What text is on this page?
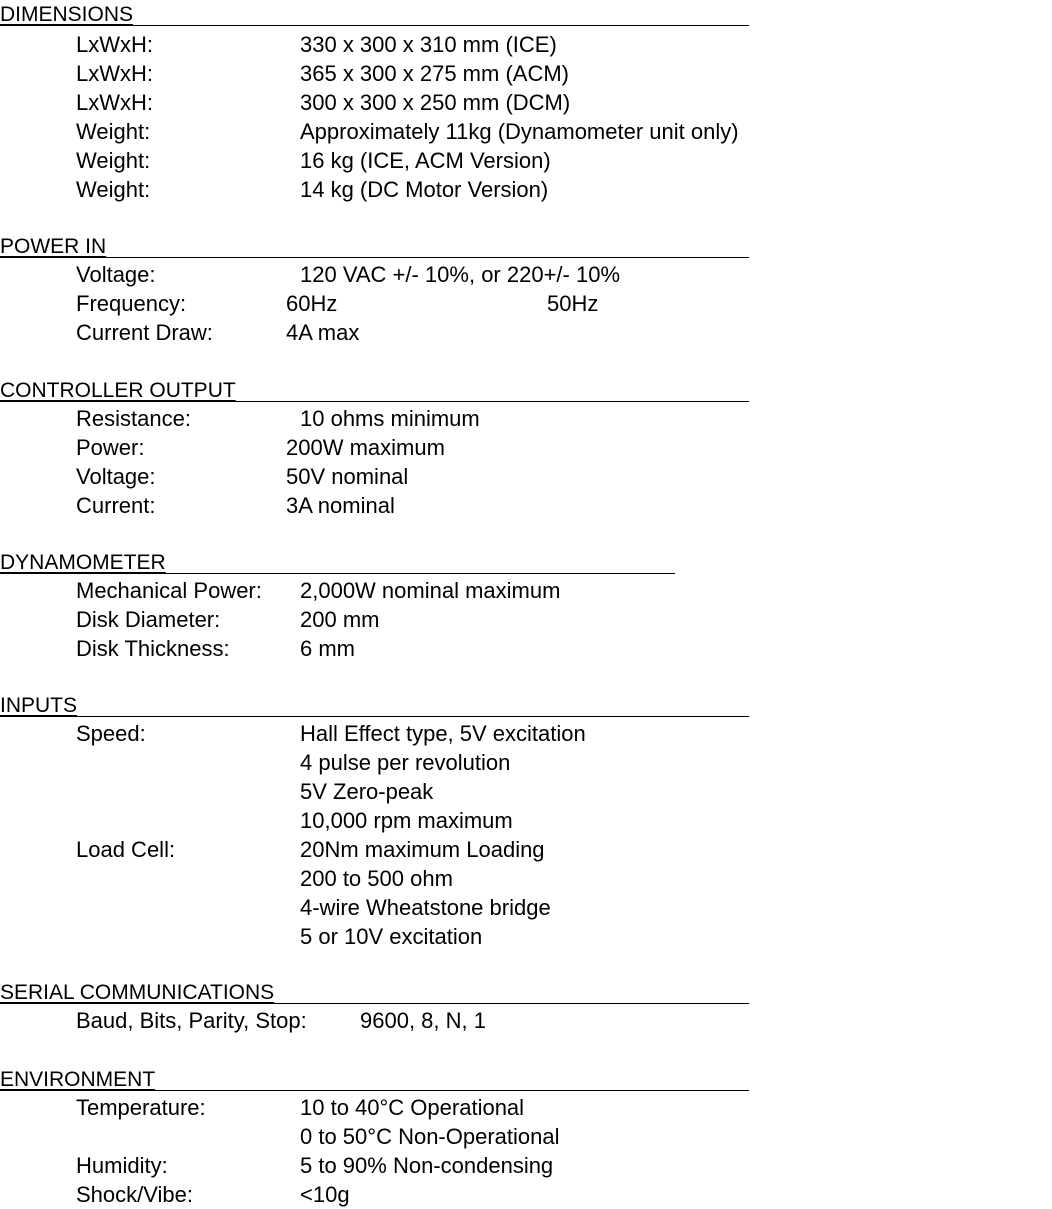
DIMENSIONS
LxWxH:	330 x 300 x 310 mm (ICE)
LxWxH:	365 x 300 x 275 mm (ACM)
LxWxH:	300 x 300 x 250 mm (DCM)
Weight:	Approximately 11kg (Dynamometer unit only)
Weight:	16 kg (ICE, ACM Version)
Weight:	14 kg (DC Motor Version)
POWER IN
Voltage:	120 VAC +/- 10%, or 220+/- 10%
Frequency:	60Hz	50Hz
Current Draw:	4A max
CONTROLLER OUTPUT
Resistance:	10 ohms minimum
Power:	200W maximum
Voltage:	50V nominal
Current:	3A nominal
DYNAMOMETER
Mechanical Power: 2,000W nominal maximum
Disk Diameter:	200 mm
Disk Thickness:	6 mm
INPUTS
Speed:	Hall Effect type, 5V excitation
4 pulse per revolution
5V Zero-peak
10,000 rpm maximum
Load Cell:	20Nm maximum Loading
200 to 500 ohm
4-wire Wheatstone bridge
5 or 10V excitation
SERIAL COMMUNICATIONS
Baud, Bits, Parity, Stop: 9600, 8, N, 1
ENVIRONMENT
Temperature:	10 to 40°C Operational
0 to 50°C Non-Operational
Humidity:	5 to 90% Non-condensing
Shock/Vibe:	<10g
